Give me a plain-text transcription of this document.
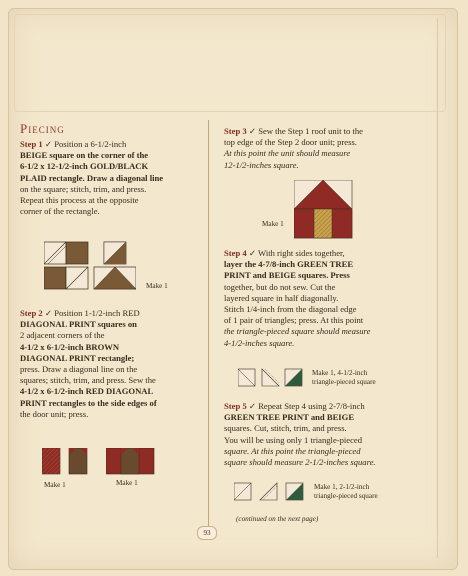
Piecing
Step 1 ✓ Position a 6-1/2-inch
BEIGE square on the corner of the
6-1/2 x 12-1/2-inch GOLD/BLACK
PLAID rectangle. Draw a diagonal line
on the square; stitch, trim, and press.
Repeat this process at the opposite
corner of the rectangle.
Make 1
Step 2 ✓ Position 1-1/2-inch RED
DIAGONAL PRINT squares on
2 adjacent corners of the
4-1/2 x 6-1/2-inch BROWN
DIAGONAL PRINT rectangle;
press. Draw a diagonal line on the
squares; stitch, trim, and press. Sew the
4-1/2 x 6-1/2-inch RED DIAGONAL
PRINT rectangles to the side edges of
the door unit; press.
Make 1	Make 1
Step 3 ✓ Sew the Step 1 roof unit to the
top edge of the Step 2 door unit; press.
At this point the unit should measure
12-1/2-inches square.
Make 1
Step 4 ✓ With right sides together,
layer the 4-7/8-inch GREEN TREE
PRINT and BEIGE squares. Press
together, but do not sew. Cut the
layered square in half diagonally.
Stitch 1/4-inch from the diagonal edge
of 1 pair of triangles; press. At this point
the triangle-pieced square should measure
4-1/2-inches square.
Make 1, 4-1/2-inch
triangle-pieced square
Step 5 ✓ Repeat Step 4 using 2-7/8-inch
GREEN TREE PRINT and BEIGE
squares. Cut, stitch, trim, and press.
You will be using only 1 triangle-pieced
square. At this point the triangle-pieced
square should measure 2-1/2-inches square.
Make 1, 2-1/2-inch
triangle-pieced square
(continued on the next page)
93
